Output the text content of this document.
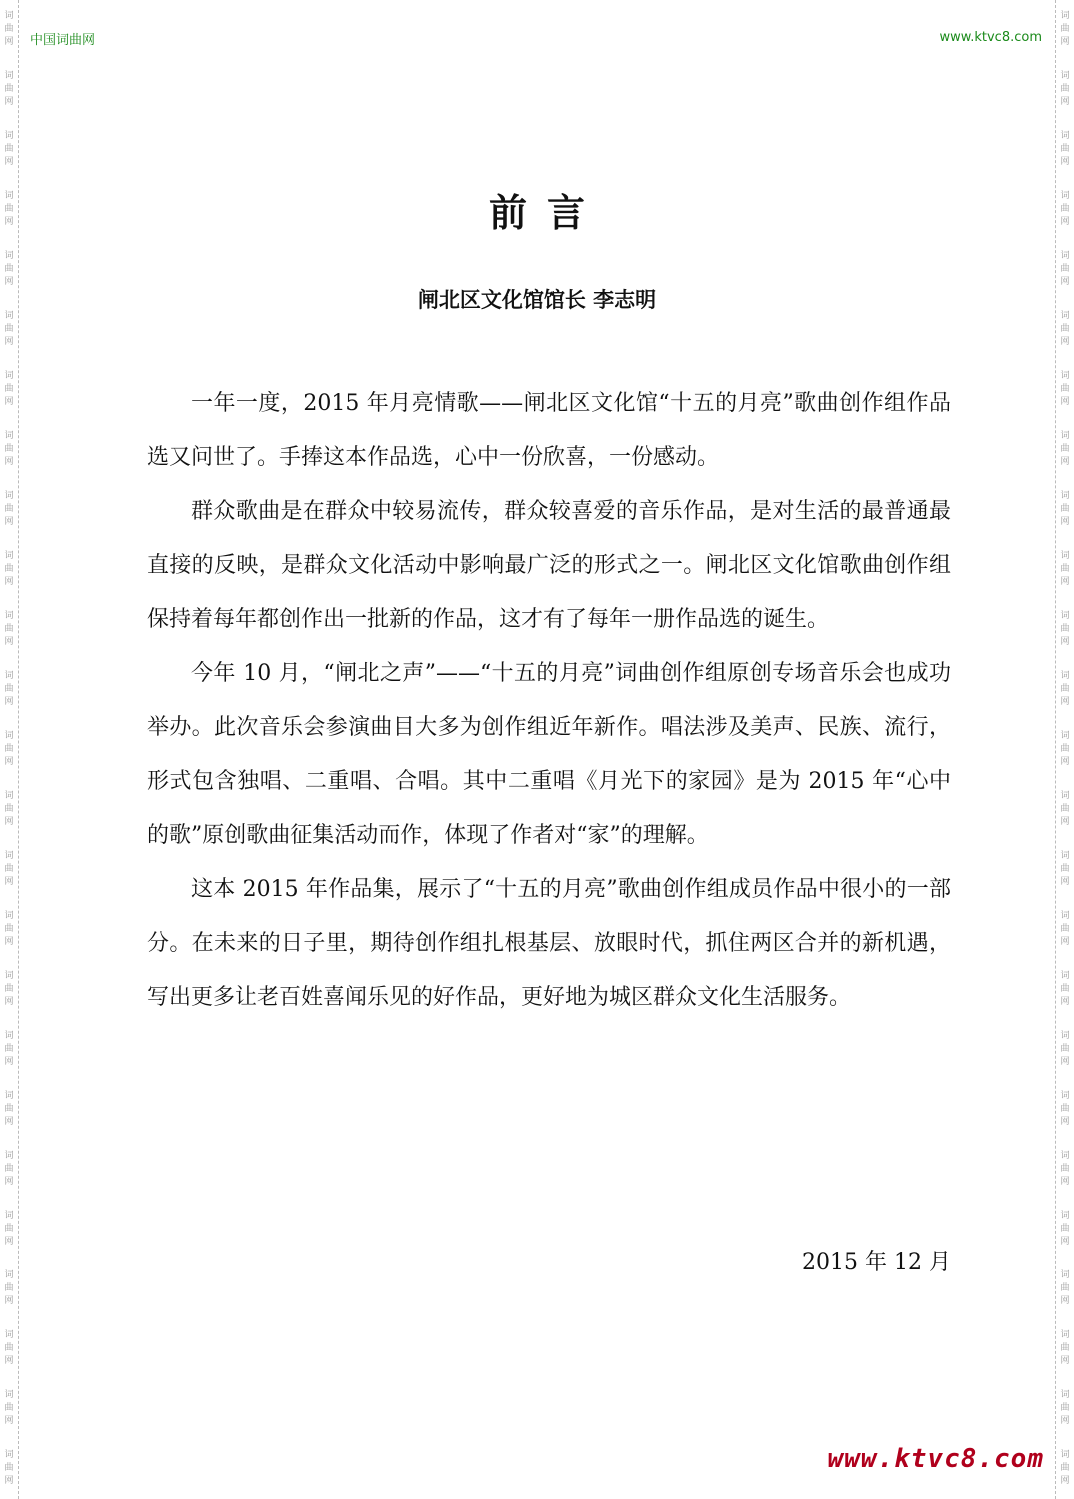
词
曲
网
词
曲
网
词
曲
网
词
曲
网
词
曲
网
词
曲
网
词
曲
网
词
曲
网
词
曲
网
词
曲
网
词
曲
网
词
曲
网
词
曲
网
词
曲
网
词
曲
网
词
曲
网
词
曲
网
词
曲
网
词
曲
网
词
曲
网
词
曲
网
词
曲
网
词
曲
网
词
曲
网
词
曲
网
词
曲
网
词
曲
网
词
曲
网
词
曲
网
词
曲
网
词
曲
网
词
曲
网
词
曲
网
词
曲
网
词
曲
网
词
曲
网
词
曲
网
词
曲
网
词
曲
网
词
曲
网
词
曲
网
词
曲
网
词
曲
网
词
曲
网
词
曲
网
词
曲
网
词
曲
网
词
曲
网
词
曲
网
词
曲
网
中国词曲网	www.ktvc8.com
前言
闸北区文化馆馆长 李志明

一年一度，2015 年月亮情歌——闸北区文化馆“十五的月亮”歌曲创作组作品选又问世了。手捧这本作品选，心中一份欣喜，一份感动。

群众歌曲是在群众中较易流传，群众较喜爱的音乐作品，是对生活的最普通最直接的反映，是群众文化活动中影响最广泛的形式之一。闸北区文化馆歌曲创作组保持着每年都创作出一批新的作品，这才有了每年一册作品选的诞生。

今年 10 月，“闸北之声”——“十五的月亮”词曲创作组原创专场音乐会也成功举办。此次音乐会参演曲目大多为创作组近年新作。唱法涉及美声、民族、流行，形式包含独唱、二重唱、合唱。其中二重唱《月光下的家园》是为 2015 年“心中的歌”原创歌曲征集活动而作，体现了作者对“家”的理解。

这本 2015 年作品集，展示了“十五的月亮”歌曲创作组成员作品中很小的一部分。在未来的日子里，期待创作组扎根基层、放眼时代，抓住两区合并的新机遇，写出更多让老百姓喜闻乐见的好作品，更好地为城区群众文化生活服务。

2015 年 12 月
www.ktvc8.com
